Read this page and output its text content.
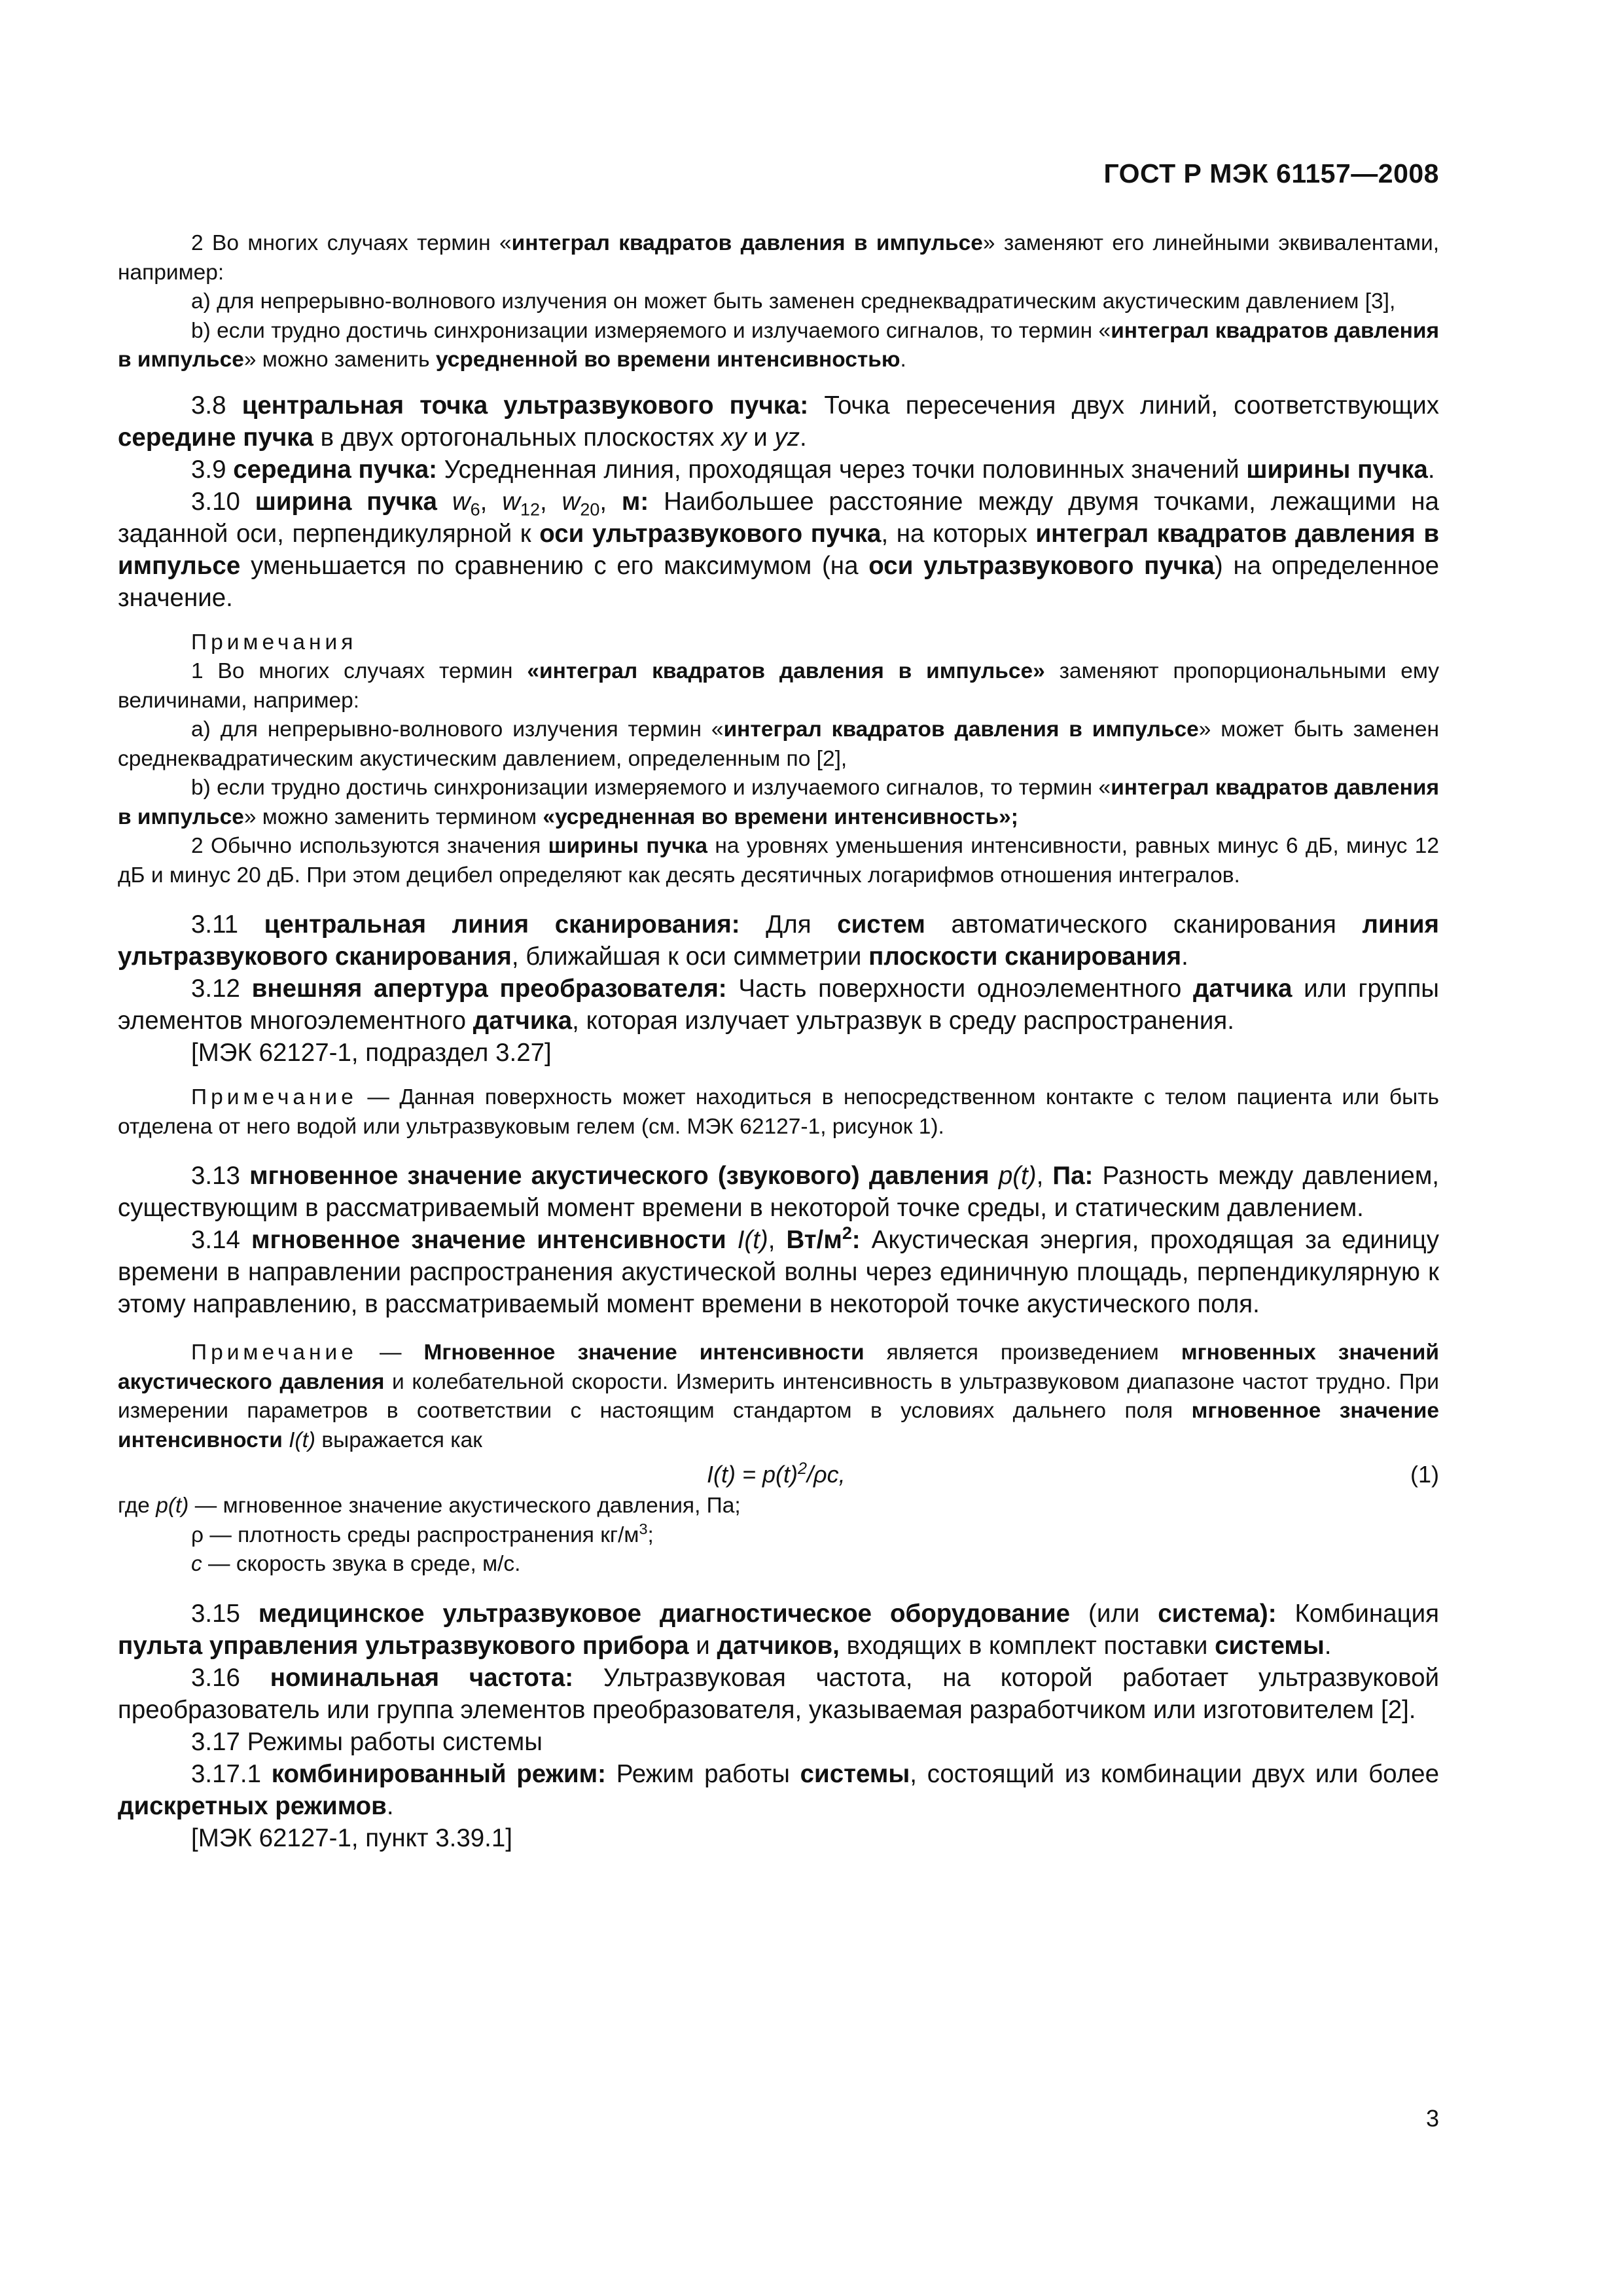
ГОСТ Р МЭК 61157—2008

2 Во многих случаях термин «интеграл квадратов давления в импульсе» заменяют его линейными эквивалентами, например:

a) для непрерывно-волнового излучения он может быть заменен среднеквадратическим акустическим давлением [3],

b) если трудно достичь синхронизации измеряемого и излучаемого сигналов, то термин «интеграл квадратов давления в импульсе» можно заменить усредненной во времени интенсивностью.

3.8 центральная точка ультразвукового пучка: Точка пересечения двух линий, соответствующих середине пучка в двух ортогональных плоскостях xy и yz.

3.9 середина пучка: Усредненная линия, проходящая через точки половинных значений ширины пучка.

3.10 ширина пучка $w_6$, $w_{12}$, $w_{20}$, м: Наибольшее расстояние между двумя точками, лежащими на заданной оси, перпендикулярной к оси ультразвукового пучка, на которых интеграл квадратов давления в импульсе уменьшается по сравнению с его максимумом (на оси ультразвукового пучка) на определенное значение.

Примечания

1 Во многих случаях термин «интеграл квадратов давления в импульсе» заменяют пропорциональными ему величинами, например:

a) для непрерывно-волнового излучения термин «интеграл квадратов давления в импульсе» может быть заменен среднеквадратическим акустическим давлением, определенным по [2],

b) если трудно достичь синхронизации измеряемого и излучаемого сигналов, то термин «интеграл квадратов давления в импульсе» можно заменить термином «усредненная во времени интенсивность»;

2 Обычно используются значения ширины пучка на уровнях уменьшения интенсивности, равных минус 6 дБ, минус 12 дБ и минус 20 дБ. При этом децибел определяют как десять десятичных логарифмов отношения интегралов.

3.11 центральная линия сканирования: Для систем автоматического сканирования линия ультразвукового сканирования, ближайшая к оси симметрии плоскости сканирования.

3.12 внешняя апертура преобразователя: Часть поверхности одноэлементного датчика или группы элементов многоэлементного датчика, которая излучает ультразвук в среду распространения.

[МЭК 62127-1, подраздел 3.27]

Примечание — Данная поверхность может находиться в непосредственном контакте с телом пациента или быть отделена от него водой или ультразвуковым гелем (см. МЭК 62127-1, рисунок 1).

3.13 мгновенное значение акустического (звукового) давления p(t), Па: Разность между давлением, существующим в рассматриваемый момент времени в некоторой точке среды, и статическим давлением.

3.14 мгновенное значение интенсивности I(t), $Вт/м^2$: Акустическая энергия, проходящая за единицу времени в направлении распространения акустической волны через единичную площадь, перпендикулярную к этому направлению, в рассматриваемый момент времени в некоторой точке акустического поля.

Примечание — Мгновенное значение интенсивности является произведением мгновенных значений акустического давления и колебательной скорости. Измерить интенсивность в ультразвуковом диапазоне частот трудно. При измерении параметров в соответствии с настоящим стандартом в условиях дальнего поля мгновенное значение интенсивности I(t) выражается как

$I(t) = p(t)^2/\rho c$,	(1)

где p(t) — мгновенное значение акустического давления, Па;

ρ — плотность среды распространения $кг/м^3$;

c — скорость звука в среде, м/с.

3.15 медицинское ультразвуковое диагностическое оборудование (или система): Комбинация пульта управления ультразвукового прибора и датчиков, входящих в комплект поставки системы.

3.16 номинальная частота: Ультразвуковая частота, на которой работает ультразвуковой преобразователь или группа элементов преобразователя, указываемая разработчиком или изготовителем [2].

3.17 Режимы работы системы

3.17.1 комбинированный режим: Режим работы системы, состоящий из комбинации двух или более дискретных режимов.

[МЭК 62127-1, пункт 3.39.1]

3
